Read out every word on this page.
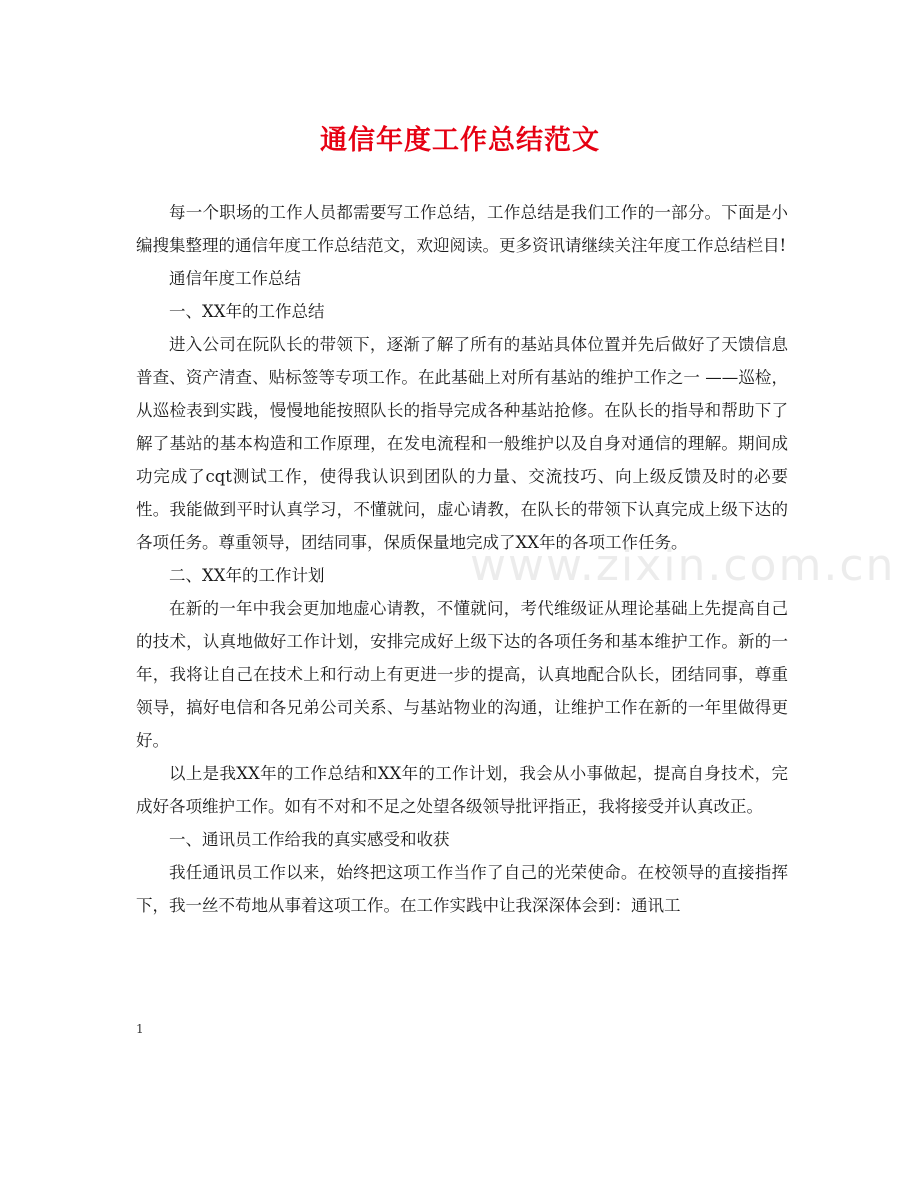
通信年度工作总结范文

每一个职场的工作人员都需要写工作总结，工作总结是我们工作的一部分。下面是小编搜集整理的通信年度工作总结范文，欢迎阅读。更多资讯请继续关注年度工作总结栏目!

通信年度工作总结

一、XX年的工作总结

进入公司在阮队长的带领下，逐渐了解了所有的基站具体位置并先后做好了天馈信息普查、资产清查、贴标签等专项工作。在此基础上对所有基站的维护工作之一 ——巡检，从巡检表到实践，慢慢地能按照队长的指导完成各种基站抢修。在队长的指导和帮助下了解了基站的基本构造和工作原理，在发电流程和一般维护以及自身对通信的理解。期间成功完成了cqt测试工作，使得我认识到团队的力量、交流技巧、向上级反馈及时的必要性。我能做到平时认真学习，不懂就问，虚心请教，在队长的带领下认真完成上级下达的各项任务。尊重领导，团结同事，保质保量地完成了XX年的各项工作任务。

二、XX年的工作计划

在新的一年中我会更加地虚心请教，不懂就问，考代维级证从理论基础上先提高自己的技术，认真地做好工作计划，安排完成好上级下达的各项任务和基本维护工作。新的一年，我将让自己在技术上和行动上有更进一步的提高，认真地配合队长，团结同事，尊重领导，搞好电信和各兄弟公司关系、与基站物业的沟通，让维护工作在新的一年里做得更好。

以上是我XX年的工作总结和XX年的工作计划，我会从小事做起，提高自身技术，完成好各项维护工作。如有不对和不足之处望各级领导批评指正，我将接受并认真改正。

一、通讯员工作给我的真实感受和收获

我任通讯员工作以来，始终把这项工作当作了自己的光荣使命。在校领导的直接指挥下，我一丝不苟地从事着这项工作。在工作实践中让我深深体会到：通讯工

www.zixin.com.cn
1
